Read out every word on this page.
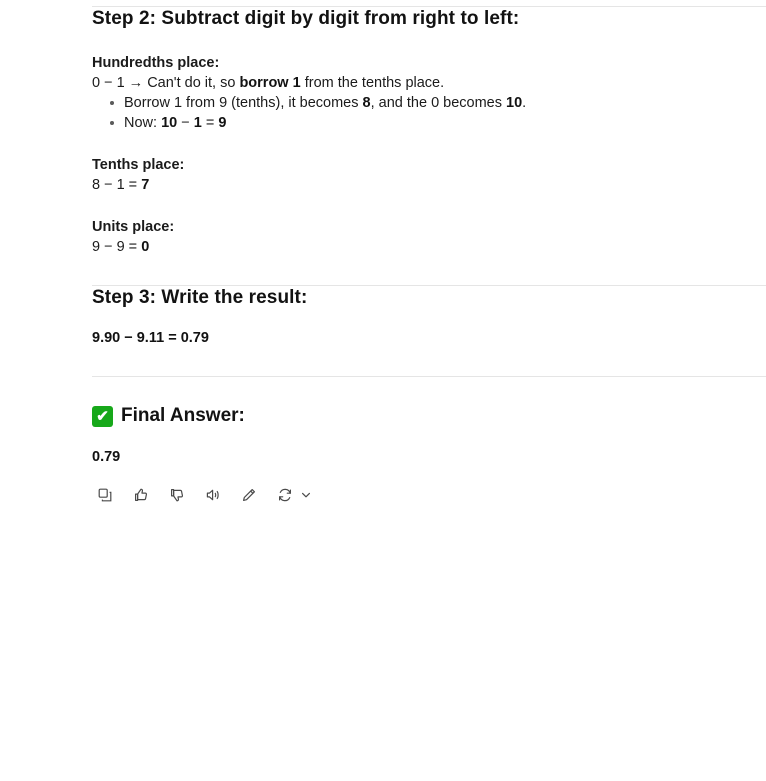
Step 2: Subtract digit by digit from right to left:

Hundredths place:

0 − 1 → Can't do it, so borrow 1 from the tenths place.

Borrow 1 from 9 (tenths), it becomes 8, and the 0 becomes 10.
Now: 10 − 1 = 9

Tenths place:

8 − 1 = 7

Units place:

9 − 9 = 0

Step 3: Write the result:

9.90 − 9.11 = 0.79

✔ Final Answer:

0.79
